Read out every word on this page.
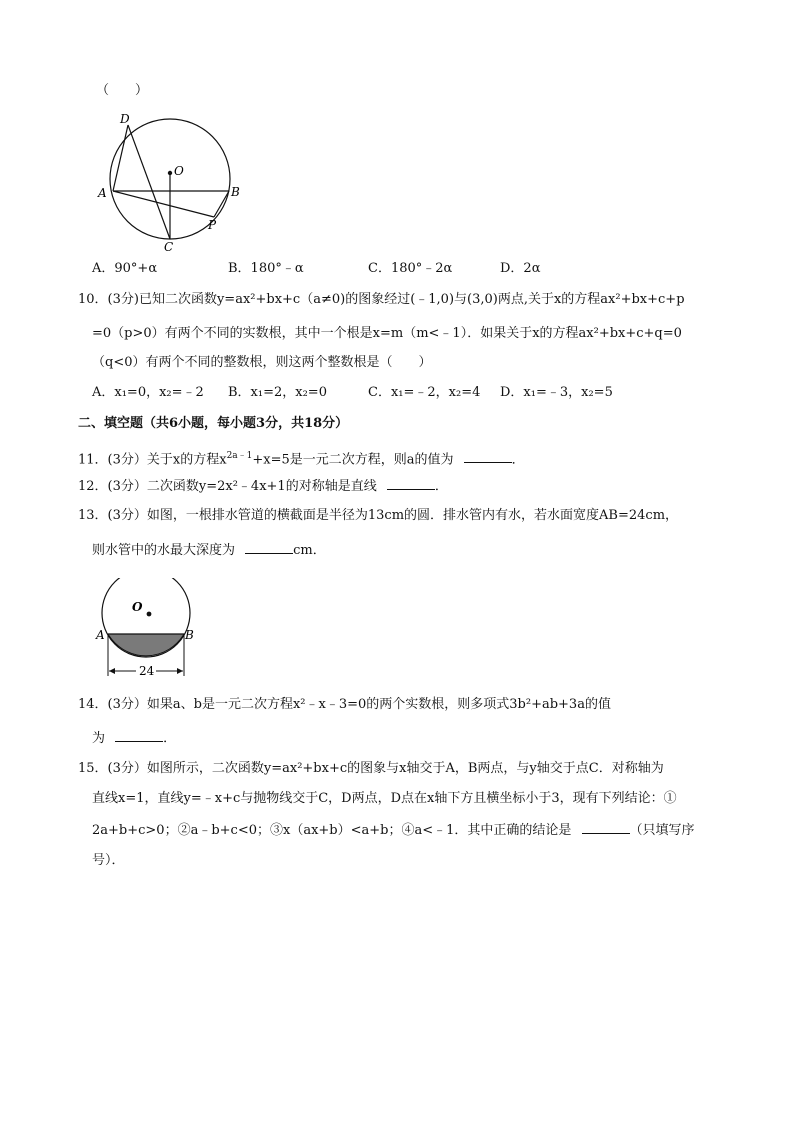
（　　）
D
O
A	B
C
P
A．90°+α	B．180°﹣α	C．180°﹣2α	D．2α
10．(3分)已知二次函数y=ax²+bx+c（a≠0)的图象经过(﹣1,0)与(3,0)两点,关于x的方程ax²+bx+c+p
=0（p>0）有两个不同的实数根，其中一个根是x=m（m<﹣1）．如果关于x的方程ax²+bx+c+q=0
（q<0）有两个不同的整数根，则这两个整数根是（　　）
A．x₁=0，x₂=﹣2 B．x₁=2，x₂=0	C．x₁=﹣2，x₂=4 D．x₁=﹣3，x₂=5
二、填空题（共6小题，每小题3分，共18分）
11．(3分）关于x的方程$x^{2a﹣1}+x=5$是一元二次方程，则a的值为	．
12．(3分）二次函数y=2x²﹣4x+1的对称轴是直线	．
13．(3分）如图，一根排水管道的横截面是半径为13cm的圆．排水管内有水，若水面宽度AB=24cm，
则水管中的水最大深度为	cm．
O
A	B
24
14．(3分）如果a、b是一元二次方程x²﹣x﹣3=0的两个实数根，则多项式3b²+ab+3a的值
为	．
15．(3分）如图所示，二次函数y=ax²+bx+c的图象与x轴交于A，B两点，与y轴交于点C．对称轴为
直线x=1，直线y=﹣x+c与抛物线交于C，D两点，D点在x轴下方且横坐标小于3，现有下列结论：①
2a+b+c>0；②a﹣b+c<0；③x（ax+b）<a+b；④a<﹣1．其中正确的结论是	（只填写序
号）．
